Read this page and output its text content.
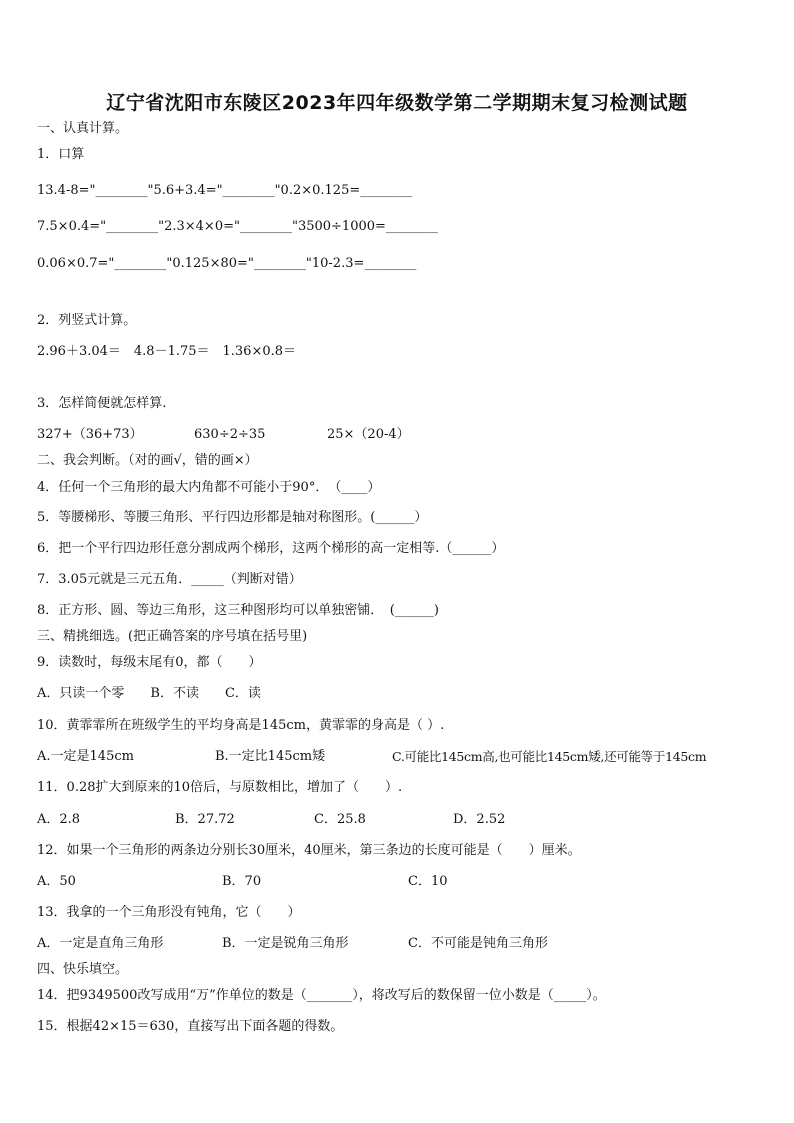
辽宁省沈阳市东陵区2023年四年级数学第二学期期末复习检测试题
一、认真计算。
1．口算
13.4-8="________"5.6+3.4="________"0.2×0.125=________
7.5×0.4="________"2.3×4×0="________"3500÷1000=________
0.06×0.7="________"0.125×80="________"10-2.3=________
2．列竖式计算。
2.96＋3.04＝　4.8－1.75＝　1.36×0.8＝
3．怎样简便就怎样算.
327+（36+73）	630÷2÷35	25×（20-4）
二、我会判断。（对的画√，错的画×）
4．任何一个三角形的最大内角都不可能小于90°．　（____）
5．等腰梯形、等腰三角形、平行四边形都是轴对称图形。(______）
6．把一个平行四边形任意分割成两个梯形，这两个梯形的高一定相等.（______）
7．3.05元就是三元五角．_____（判断对错）
8．正方形、圆、等边三角形，这三种图形均可以单独密铺．　(______)
三、精挑细选。(把正确答案的序号填在括号里)
9．读数时，每级末尾有0，都（　　）
A．只读一个零　　B．不读　　C．读
10．黄霏霏所在班级学生的平均身高是145cm，黄霏霏的身高是（ ）.
A.一定是145cm	B.一定比145cm矮	C.可能比145cm高,也可能比145cm矮,还可能等于145cm
11．0.28扩大到原来的10倍后，与原数相比，增加了（　　）.
A．2.8	B．27.72	C．25.8	D．2.52
12．如果一个三角形的两条边分别长30厘米，40厘米，第三条边的长度可能是（　　）厘米。
A．50	B．70	C．10
13．我拿的一个三角形没有钝角，它（　　）
A．一定是直角三角形	B．一定是锐角三角形	C．不可能是钝角三角形
四、快乐填空。
14．把9349500改写成用“万”作单位的数是（_______），将改写后的数保留一位小数是（_____）。
15．根据42×15＝630，直接写出下面各题的得数。
